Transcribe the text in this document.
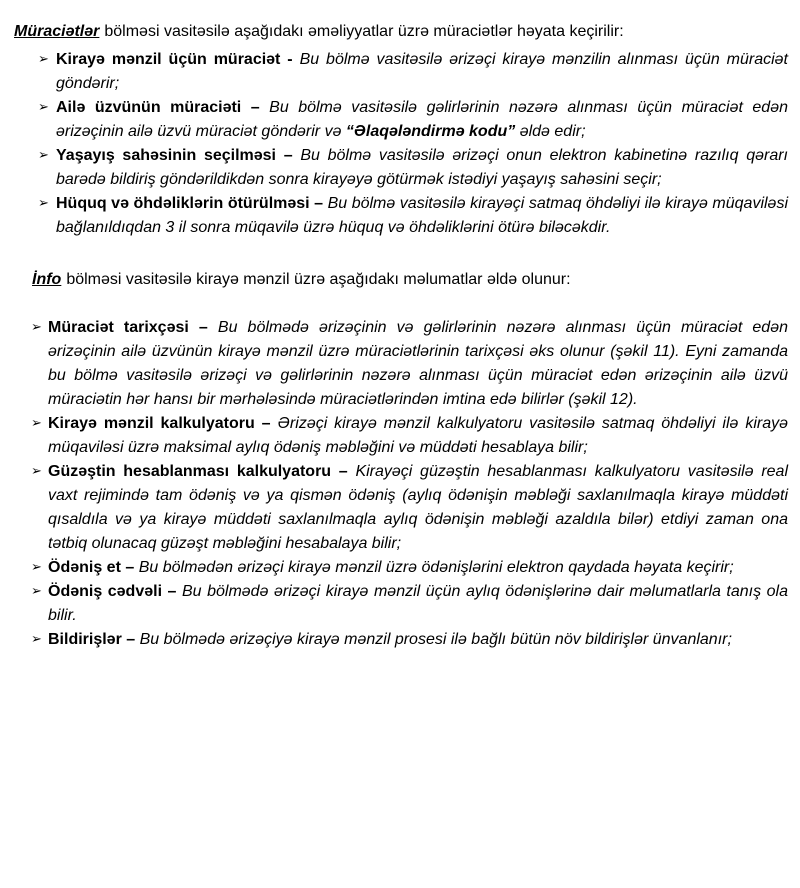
Müraciətlər bölməsi vasitəsilə aşağıdakı əməliyyatlar üzrə müraciətlər həyata keçirilir:

➢ Kirayə mənzil üçün müraciət - Bu bölmə vasitəsilə ərizəçi kirayə mənzilin alınması üçün müraciət göndərir;
➢ Ailə üzvünün müraciəti – Bu bölmə vasitəsilə gəlirlərinin nəzərə alınması üçün müraciət edən ərizəçinin ailə üzvü müraciət göndərir və “Əlaqələndirmə kodu” əldə edir;
➢ Yaşayış sahəsinin seçilməsi – Bu bölmə vasitəsilə ərizəçi onun elektron kabinetinə razılıq qərarı barədə bildiriş göndərildikdən sonra kirayəyə götürmək istədiyi yaşayış sahəsini seçir;
➢ Hüquq və öhdəliklərin ötürülməsi – Bu bölmə vasitəsilə kirayəçi satmaq öhdəliyi ilə kirayə müqaviləsi bağlanıldıqdan 3 il sonra müqavilə üzrə hüquq və öhdəliklərini ötürə biləcəkdir.

İnfo bölməsi vasitəsilə kirayə mənzil üzrə aşağıdakı məlumatlar əldə olunur:

➢ Müraciət tarixçəsi – Bu bölmədə ərizəçinin və gəlirlərinin nəzərə alınması üçün müraciət edən ərizəçinin ailə üzvünün kirayə mənzil üzrə müraciətlərinin tarixçəsi əks olunur (şəkil 11). Eyni zamanda bu bölmə vasitəsilə ərizəçi və gəlirlərinin nəzərə alınması üçün müraciət edən ərizəçinin ailə üzvü müraciətin hər hansı bir mərhələsində müraciətlərindən imtina edə bilirlər (şəkil 12).
➢ Kirayə mənzil kalkulyatoru – Ərizəçi kirayə mənzil kalkulyatoru vasitəsilə satmaq öhdəliyi ilə kirayə müqaviləsi üzrə maksimal aylıq ödəniş məbləğini və müddəti hesablaya bilir;
➢ Güzəştin hesablanması kalkulyatoru – Kirayəçi güzəştin hesablanması kalkulyatoru vasitəsilə real vaxt rejimində tam ödəniş və ya qismən ödəniş (aylıq ödənişin məbləği saxlanılmaqla kirayə müddəti qısaldıla və ya kirayə müddəti saxlanılmaqla aylıq ödənişin məbləği azaldıla bilər) etdiyi zaman ona tətbiq olunacaq güzəşt məbləğini hesabalaya bilir;
➢ Ödəniş et – Bu bölmədən ərizəçi kirayə mənzil üzrə ödənişlərini elektron qaydada həyata keçirir;
➢ Ödəniş cədvəli – Bu bölmədə ərizəçi kirayə mənzil üçün aylıq ödənişlərinə dair məlumatlarla tanış ola bilir.
➢ Bildirişlər – Bu bölmədə ərizəçiyə kirayə mənzil prosesi ilə bağlı bütün növ bildirişlər ünvanlanır;
